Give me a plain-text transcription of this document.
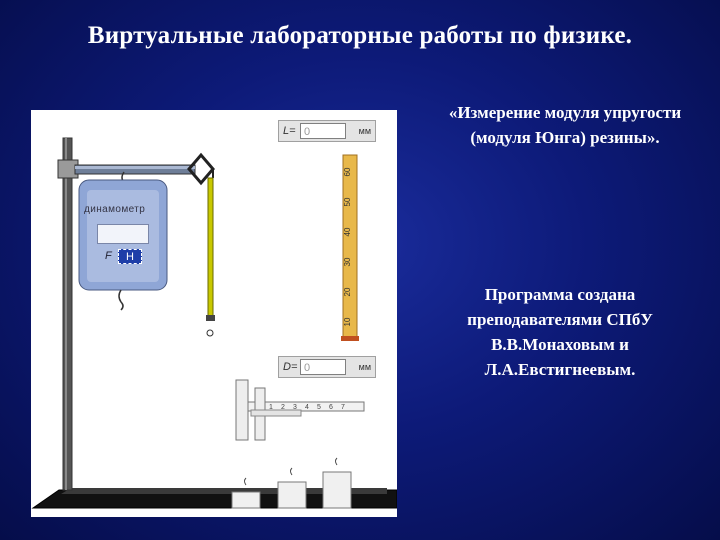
Виртуальные лабораторные работы по физике.
«Измерение модуля упругости
(модуля Юнга) резины».
Программа создана
преподавателями СПбУ
В.В.Монаховым и
Л.А.Евстигнеевым.
60
50
40
30
20
10
1 2 3 4 5 6 7
L= 0	мм
D= 0	мм
динамометр
F	Н
